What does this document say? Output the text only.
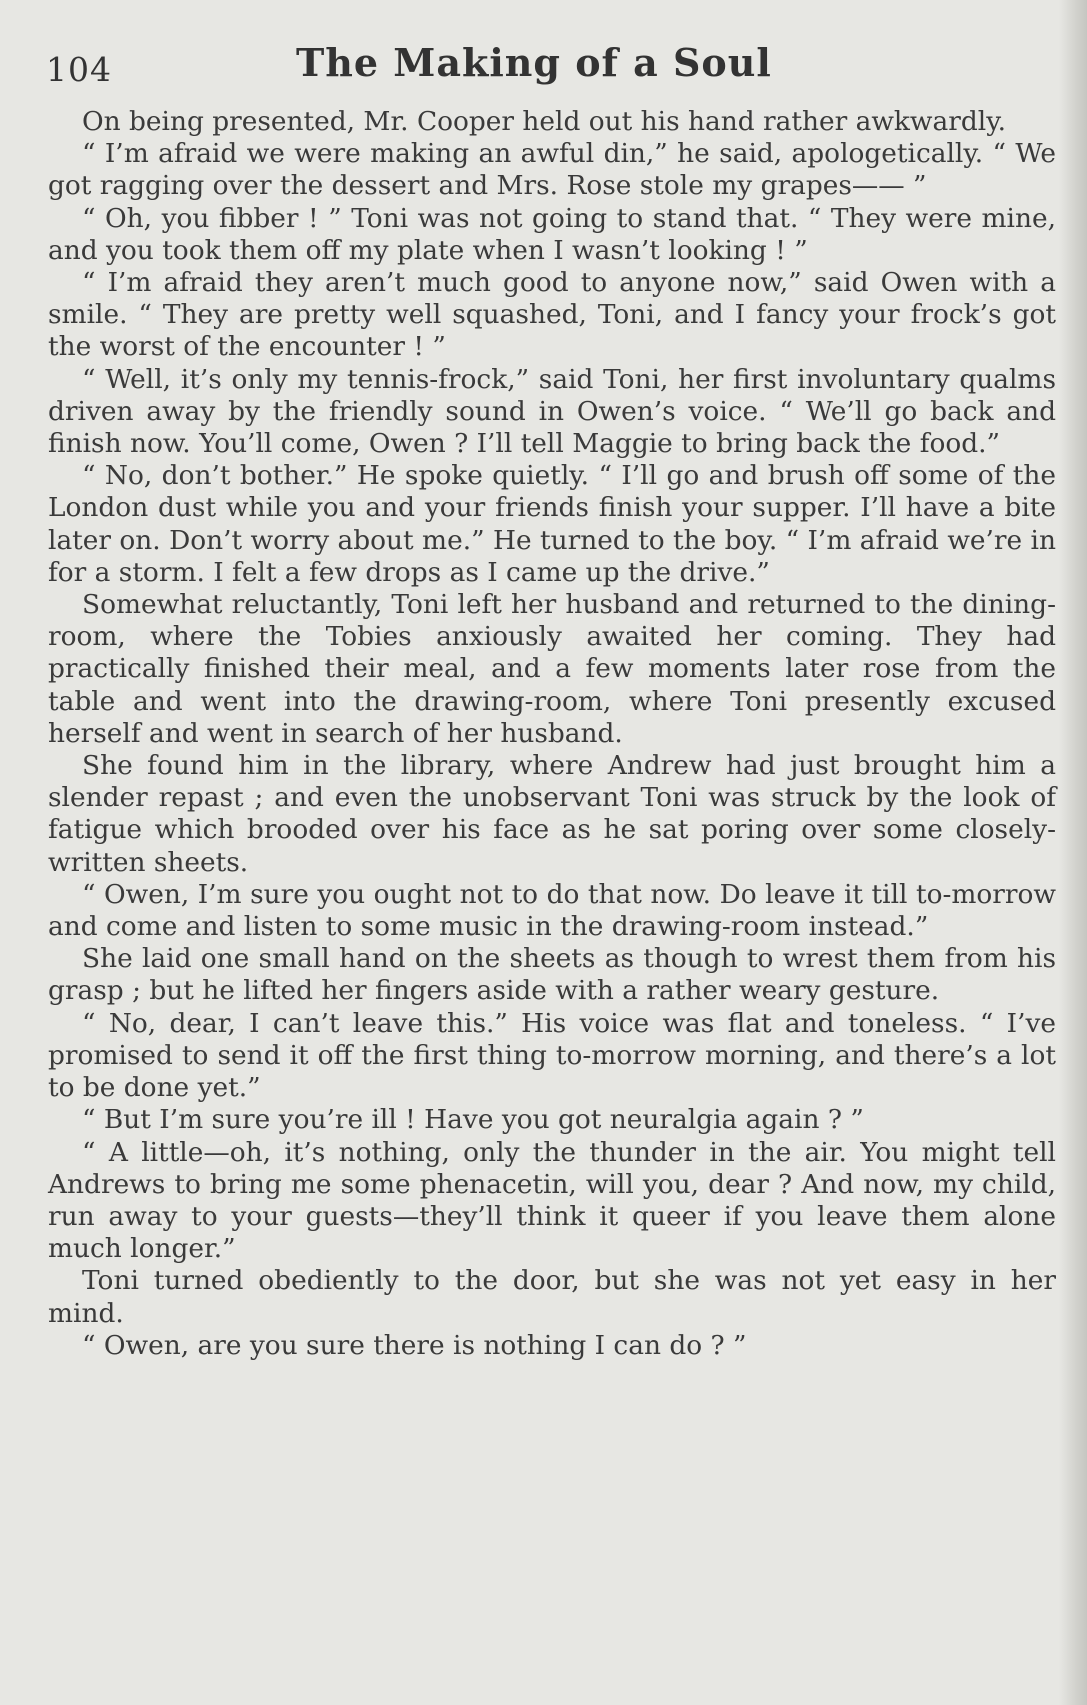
104	The Making of a Soul

On being presented, Mr. Cooper held out his hand rather awkwardly.

“ I’m afraid we were making an awful din,” he said, apologetically. “ We got ragging over the dessert and Mrs. Rose stole my grapes—— ”

“ Oh, you fibber ! ” Toni was not going to stand that. “ They were mine, and you took them off my plate when I wasn’t looking ! ”

“ I’m afraid they aren’t much good to anyone now,” said Owen with a smile. “ They are pretty well squashed, Toni, and I fancy your frock’s got the worst of the encounter ! ”

“ Well, it’s only my tennis-frock,” said Toni, her first involuntary qualms driven away by the friendly sound in Owen’s voice. “ We’ll go back and finish now. You’ll come, Owen ? I’ll tell Maggie to bring back the food.”

“ No, don’t bother.” He spoke quietly. “ I’ll go and brush off some of the London dust while you and your friends finish your supper. I’ll have a bite later on. Don’t worry about me.” He turned to the boy. “ I’m afraid we’re in for a storm. I felt a few drops as I came up the drive.”

Somewhat reluctantly, Toni left her husband and returned to the dining-room, where the Tobies anxiously awaited her coming. They had practically finished their meal, and a few moments later rose from the table and went into the drawing-room, where Toni presently excused herself and went in search of her husband.

She found him in the library, where Andrew had just brought him a slender repast ; and even the unobservant Toni was struck by the look of fatigue which brooded over his face as he sat poring over some closely-written sheets.

“ Owen, I’m sure you ought not to do that now. Do leave it till to-morrow and come and listen to some music in the drawing-room instead.”

She laid one small hand on the sheets as though to wrest them from his grasp ; but he lifted her fingers aside with a rather weary gesture.

“ No, dear, I can’t leave this.” His voice was flat and toneless. “ I’ve promised to send it off the first thing to-morrow morning, and there’s a lot to be done yet.”

“ But I’m sure you’re ill ! Have you got neuralgia again ? ”

“ A little—oh, it’s nothing, only the thunder in the air. You might tell Andrews to bring me some phenacetin, will you, dear ? And now, my child, run away to your guests—they’ll think it queer if you leave them alone much longer.”

Toni turned obediently to the door, but she was not yet easy in her mind.

“ Owen, are you sure there is nothing I can do ? ”
